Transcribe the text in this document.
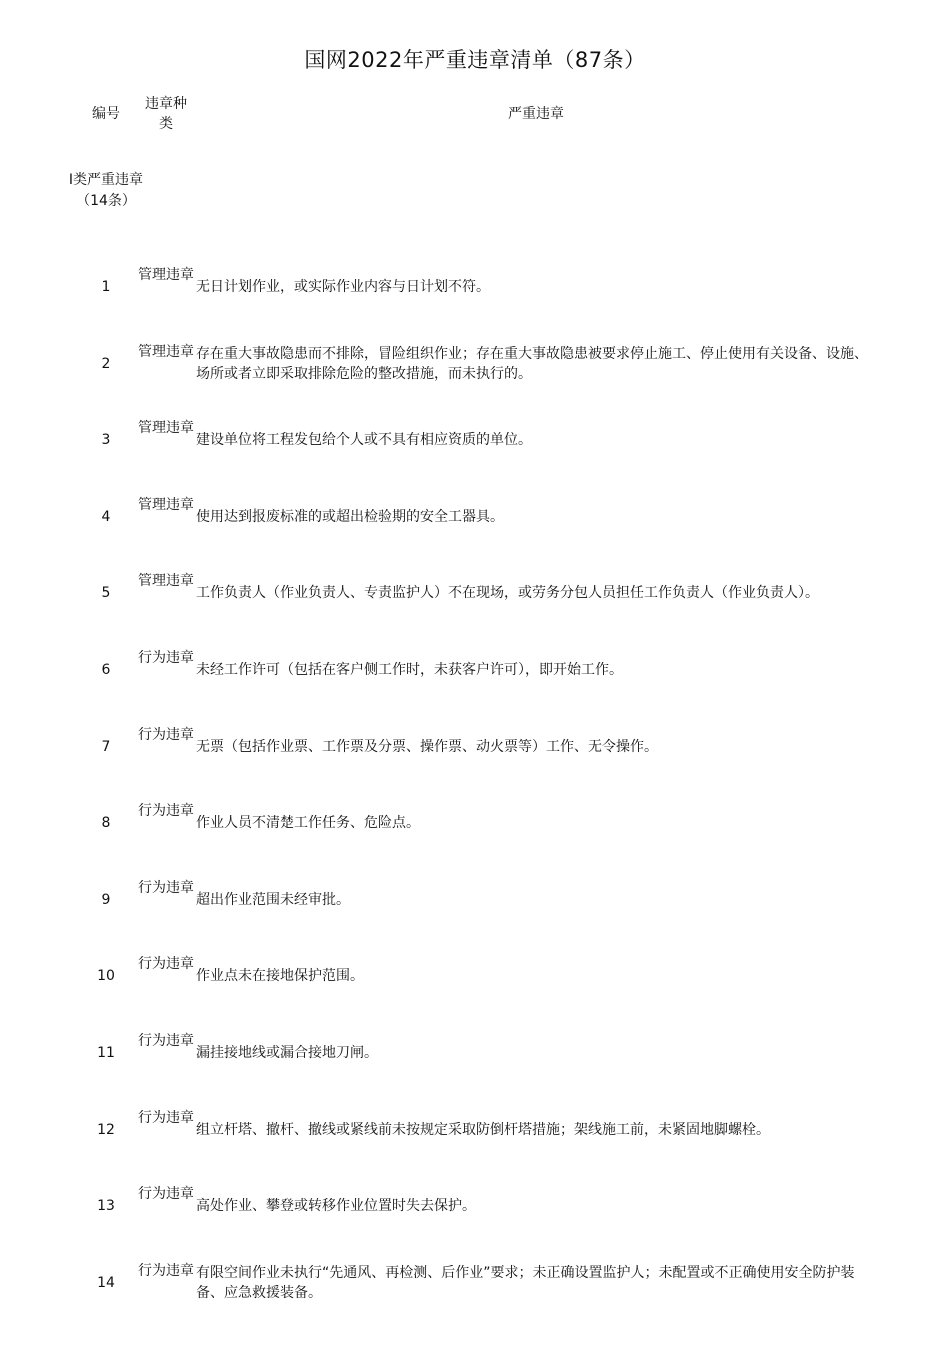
国网2022年严重违章清单（87条）
编号
违章种类
严重违章
I类严重违章（14条）
1
管理违章
无日计划作业，或实际作业内容与日计划不符。
2
管理违章 存在重大事故隐患而不排除，冒险组织作业；存在重大事故隐患被要求停止施工、停止使用有关设备、设施、场所或者立即采取排除危险的整改措施，而未执行的。
3
管理违章
建设单位将工程发包给个人或不具有相应资质的单位。
4
管理违章
使用达到报废标准的或超出检验期的安全工器具。
5
管理违章
工作负责人（作业负责人、专责监护人）不在现场，或劳务分包人员担任工作负责人（作业负责人）。
6
行为违章
未经工作许可（包括在客户侧工作时，未获客户许可），即开始工作。
7
行为违章
无票（包括作业票、工作票及分票、操作票、动火票等）工作、无令操作。
8
行为违章
作业人员不清楚工作任务、危险点。
9
行为违章
超出作业范围未经审批。
10
行为违章
作业点未在接地保护范围。
11
行为违章
漏挂接地线或漏合接地刀闸。
12
行为违章
组立杆塔、撤杆、撤线或紧线前未按规定采取防倒杆塔措施；架线施工前，未紧固地脚螺栓。
13
行为违章
高处作业、攀登或转移作业位置时失去保护。
14
行为违章 有限空间作业未执行“先通风、再检测、后作业”要求；未正确设置监护人；未配置或不正确使用安全防护装备、应急救援装备。
